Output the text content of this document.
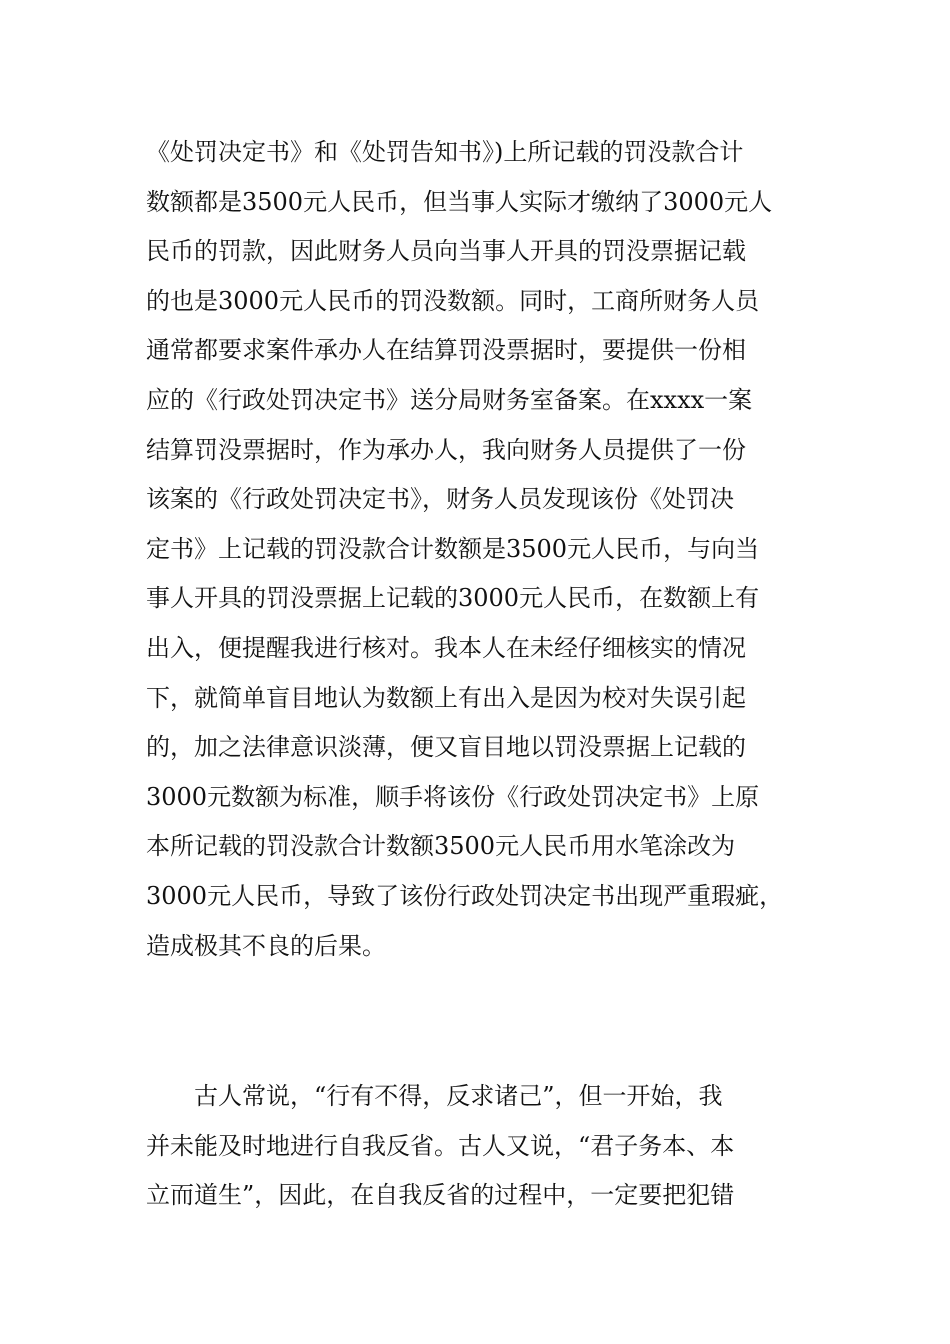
《处罚决定书》和《处罚告知书》)上所记载的罚没款合计
数额都是3500元人民币，但当事人实际才缴纳了3000元人
民币的罚款，因此财务人员向当事人开具的罚没票据记载
的也是3000元人民币的罚没数额。同时，工商所财务人员
通常都要求案件承办人在结算罚没票据时，要提供一份相
应的《行政处罚决定书》送分局财务室备案。在xxxx一案
结算罚没票据时，作为承办人，我向财务人员提供了一份
该案的《行政处罚决定书》，财务人员发现该份《处罚决
定书》上记载的罚没款合计数额是3500元人民币，与向当
事人开具的罚没票据上记载的3000元人民币，在数额上有
出入，便提醒我进行核对。我本人在未经仔细核实的情况
下，就简单盲目地认为数额上有出入是因为校对失误引起
的，加之法律意识淡薄，便又盲目地以罚没票据上记载的
3000元数额为标准，顺手将该份《行政处罚决定书》上原
本所记载的罚没款合计数额3500元人民币用水笔涂改为
3000元人民币，导致了该份行政处罚决定书出现严重瑕疵，
造成极其不良的后果。
古人常说，“行有不得，反求诸己”，但一开始，我
并未能及时地进行自我反省。古人又说，“君子务本、本
立而道生”，因此，在自我反省的过程中，一定要把犯错
